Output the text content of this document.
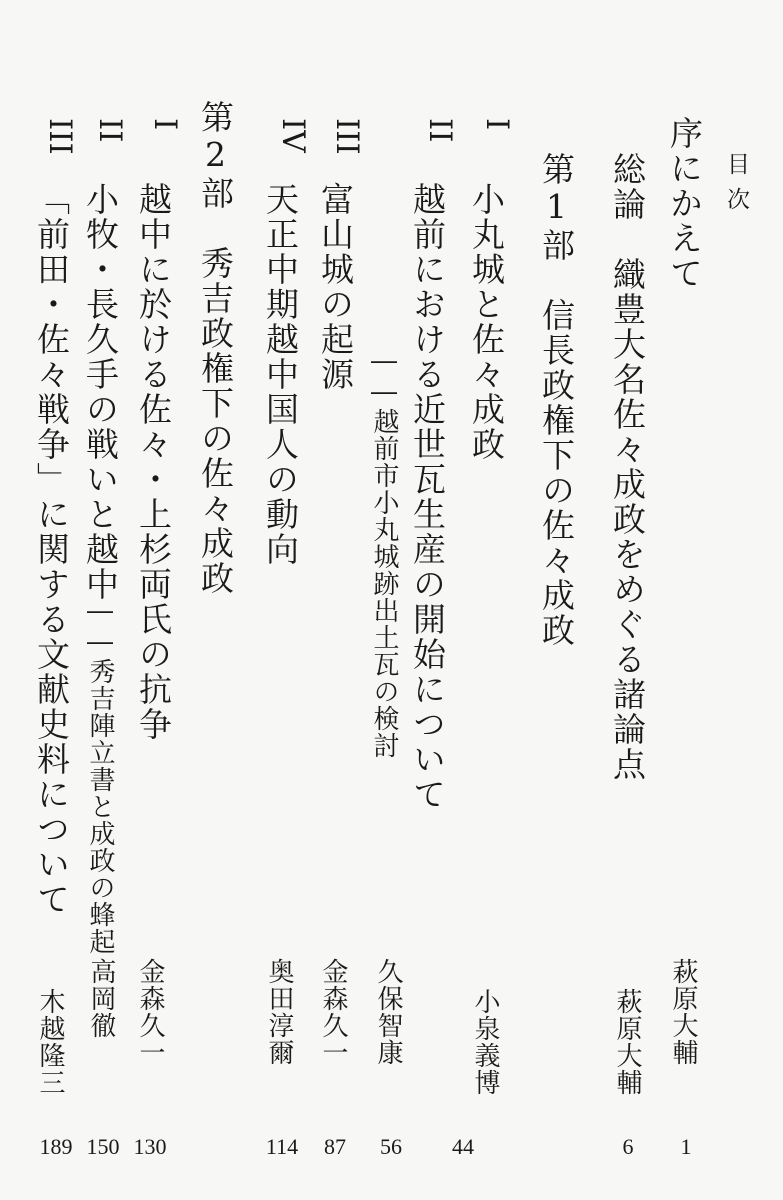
目次
序にかえて
萩原大輔
1
総論　織豊大名佐々成政をめぐる諸論点
萩原大輔
6
第1部　信長政権下の佐々成政
I
小丸城と佐々成政
小泉義博
44
II
越前における近世瓦生産の開始について
――越前市小丸城跡出土瓦の検討
久保智康
56
III
富山城の起源
金森久一
87
IV
天正中期越中国人の動向
奥田淳爾
114
第2部　秀吉政権下の佐々成政
I
越中に於ける佐々・上杉両氏の抗争
金森久一
130
II
小牧・長久手の戦いと越中
――秀吉陣立書と成政の蜂起
高岡徹
150
III
「前田・佐々戦争」に関する文献史料について
木越隆三
189
